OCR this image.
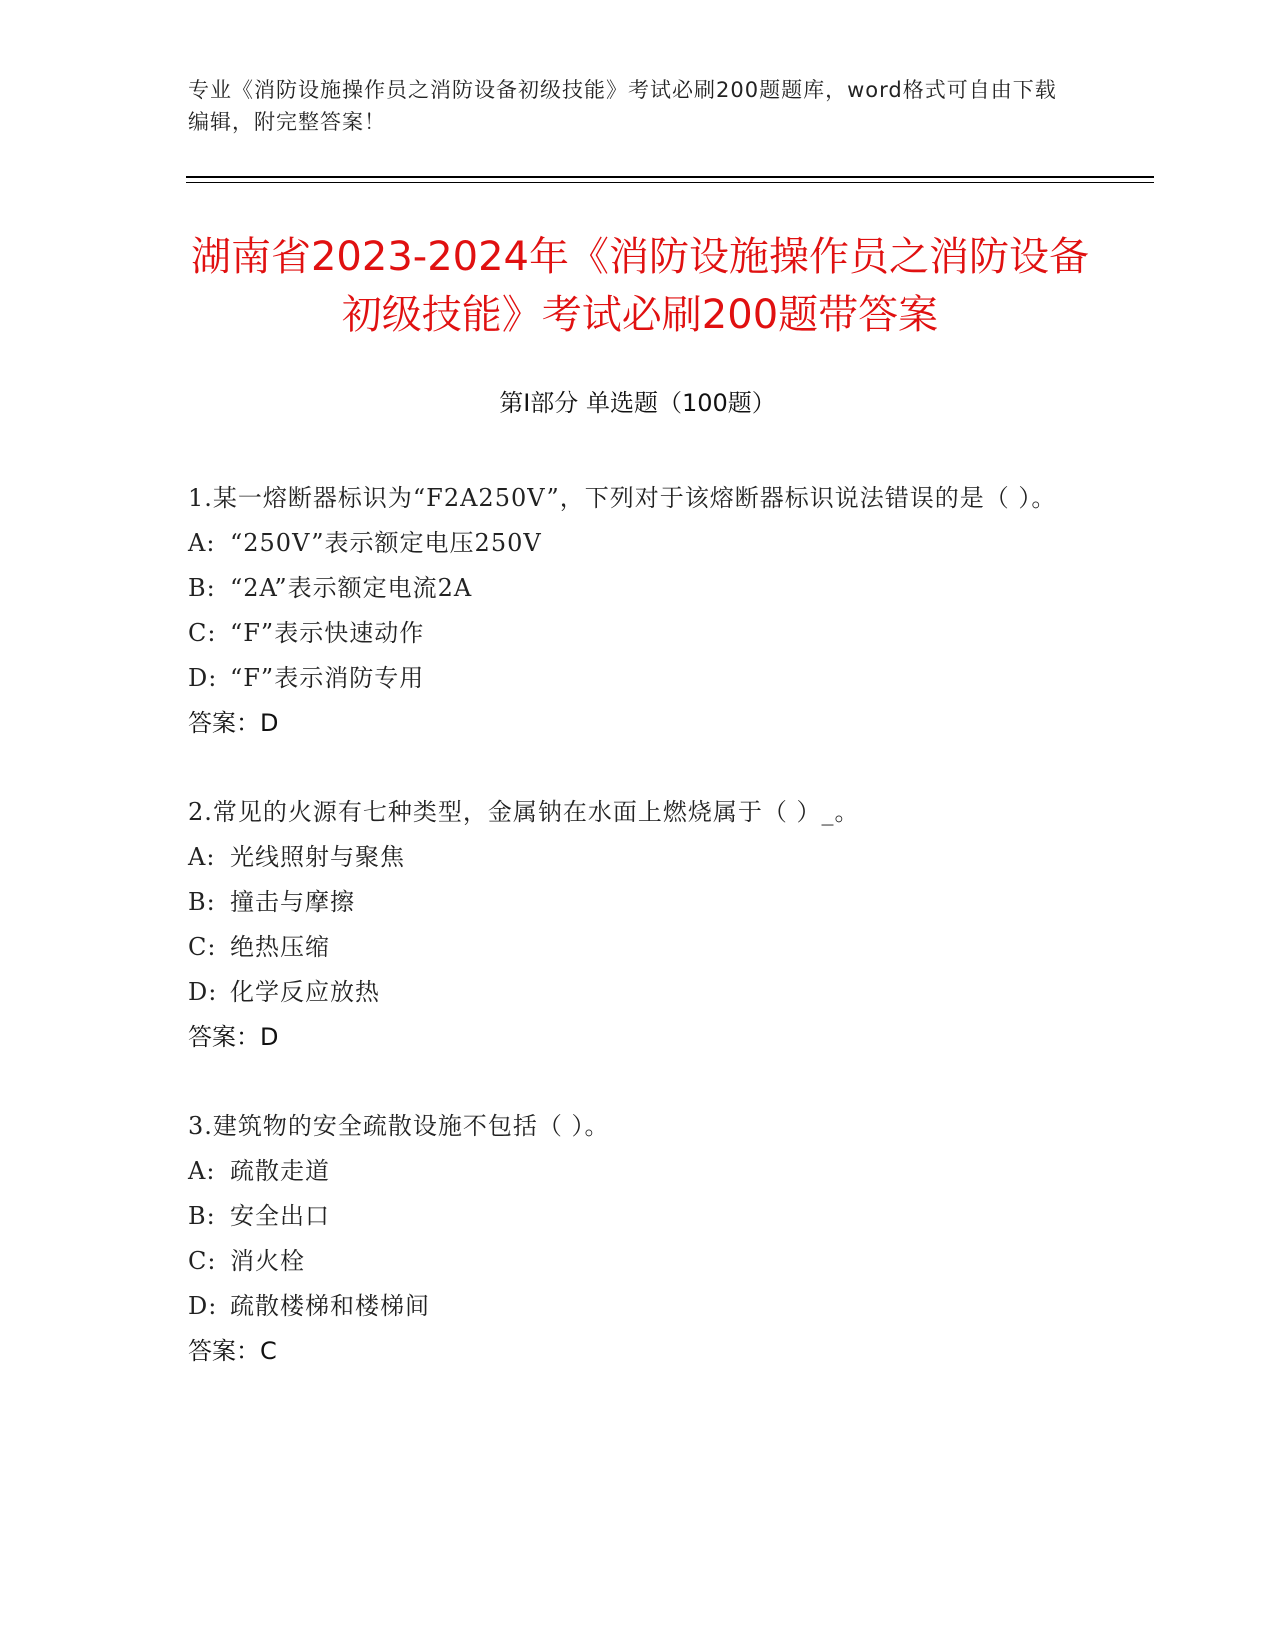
专业《消防设施操作员之消防设备初级技能》考试必刷200题题库，word格式可自由下载编辑，附完整答案！
湖南省2023-2024年《消防设施操作员之消防设备初级技能》考试必刷200题带答案
第Ⅰ部分 单选题（100题）
1.某一熔断器标识为“F2A250V”，下列对于该熔断器标识说法错误的是（ ）。
A: “250V”表示额定电压250V
B: “2A”表示额定电流2A
C: “F”表示快速动作
D: “F”表示消防专用
答案：D
2.常见的火源有七种类型，金属钠在水面上燃烧属于（ ）_。
A: 光线照射与聚焦
B: 撞击与摩擦
C: 绝热压缩
D: 化学反应放热
答案：D
3.建筑物的安全疏散设施不包括（ ）。
A: 疏散走道
B: 安全出口
C: 消火栓
D: 疏散楼梯和楼梯间
答案：C
